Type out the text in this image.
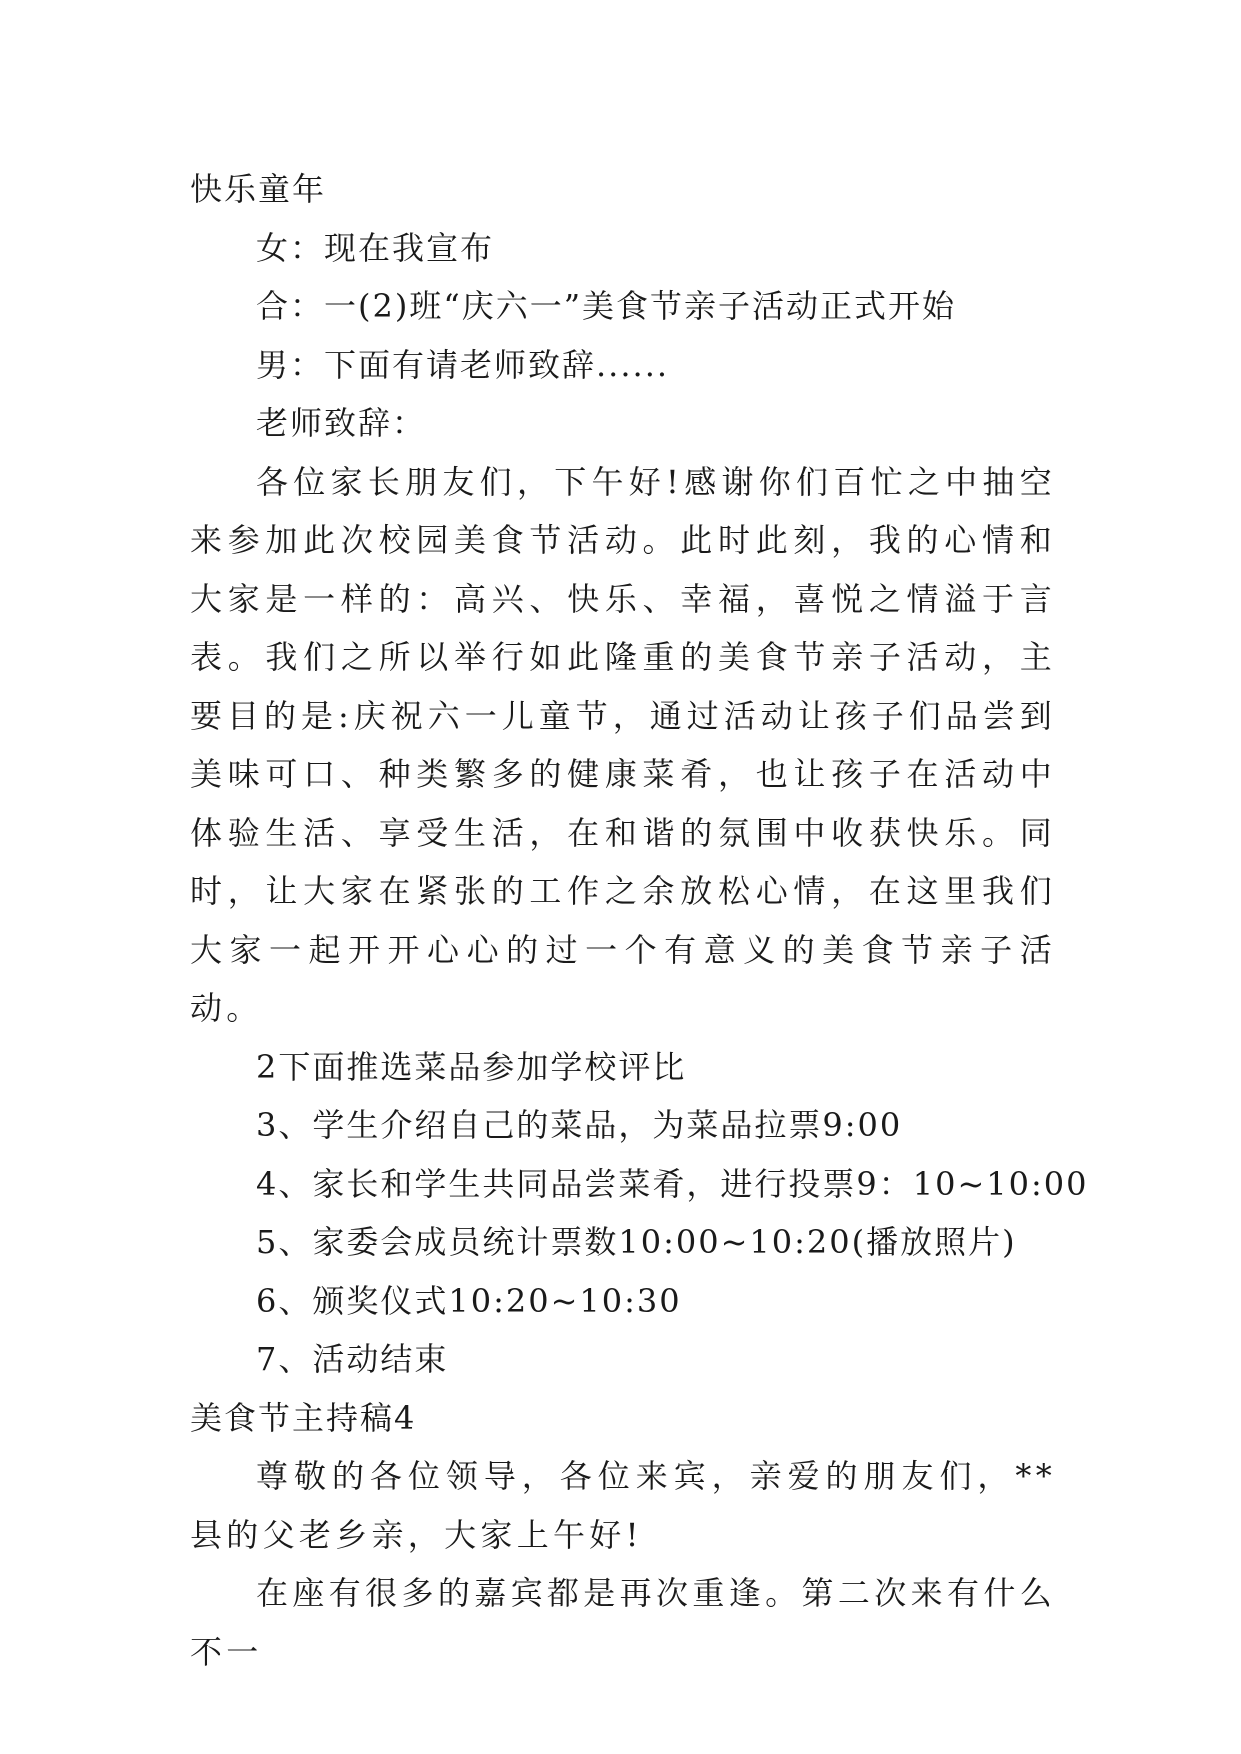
快乐童年

女：现在我宣布

合：一(2)班“庆六一”美食节亲子活动正式开始

男：下面有请老师致辞......

老师致辞：

各位家长朋友们，下午好!感谢你们百忙之中抽空来参加此次校园美食节活动。此时此刻，我的心情和大家是一样的：高兴、快乐、幸福，喜悦之情溢于言表。我们之所以举行如此隆重的美食节亲子活动，主要目的是:庆祝六一儿童节，通过活动让孩子们品尝到美味可口、种类繁多的健康菜肴，也让孩子在活动中体验生活、享受生活，在和谐的氛围中收获快乐。同时，让大家在紧张的工作之余放松心情，在这里我们大家一起开开心心的过一个有意义的美食节亲子活动。

2下面推选菜品参加学校评比

3、学生介绍自己的菜品，为菜品拉票9:00

4、家长和学生共同品尝菜肴，进行投票9：10~10:00

5、家委会成员统计票数10:00~10:20(播放照片)

6、颁奖仪式10:20~10:30

7、活动结束

美食节主持稿4

尊敬的各位领导，各位来宾，亲爱的朋友们，**县的父老乡亲，大家上午好!

在座有很多的嘉宾都是再次重逢。第二次来有什么不一
